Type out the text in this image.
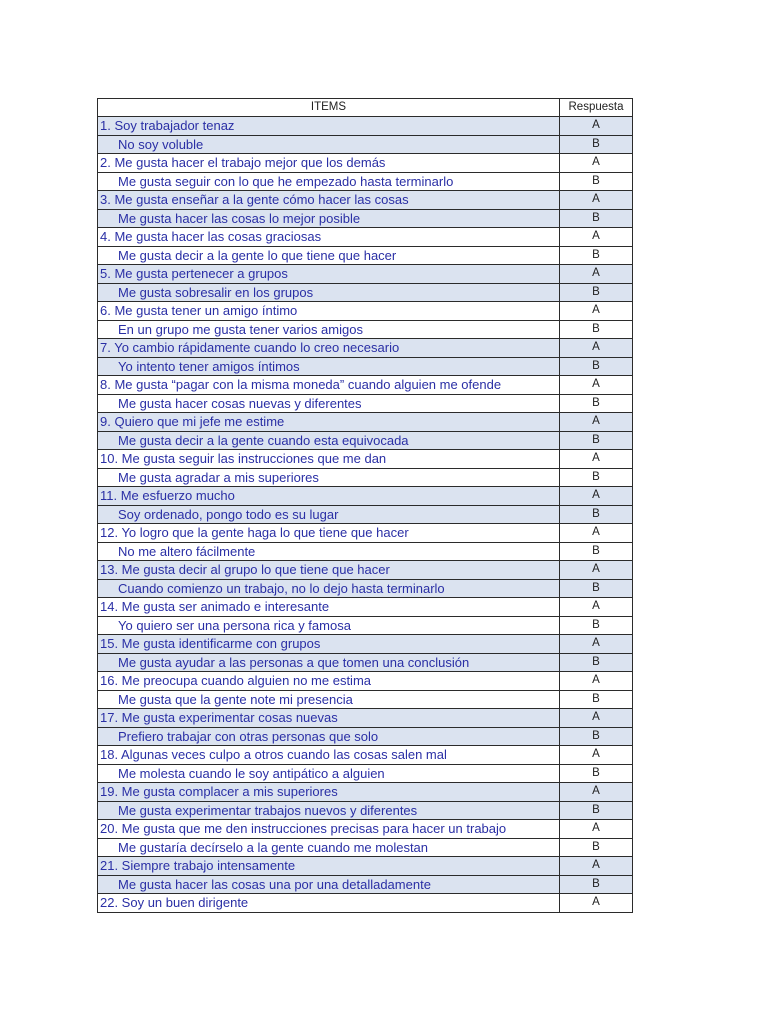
ITEMS	Respuesta
1. Soy trabajador tenaz	A
No soy voluble	B
2. Me gusta hacer el trabajo mejor que los demás	A
Me gusta seguir con lo que he empezado hasta terminarlo	B
3. Me gusta enseñar a la gente cómo hacer las cosas	A
Me gusta hacer las cosas lo mejor posible	B
4. Me gusta hacer las cosas graciosas	A
Me gusta decir a la gente lo que tiene que hacer	B
5. Me gusta pertenecer a grupos	A
Me gusta sobresalir en los grupos	B
6. Me gusta tener un amigo íntimo	A
En un grupo me gusta tener varios amigos	B
7. Yo cambio rápidamente cuando lo creo necesario	A
Yo intento tener amigos íntimos	B
8. Me gusta “pagar con la misma moneda” cuando alguien me ofende	A
Me gusta hacer cosas nuevas y diferentes	B
9. Quiero que mi jefe me estime	A
Me gusta decir a la gente cuando esta equivocada	B
10. Me gusta seguir las instrucciones que me dan	A
Me gusta agradar a mis superiores	B
11. Me esfuerzo mucho	A
Soy ordenado, pongo todo es su lugar	B
12. Yo logro que la gente haga lo que tiene que hacer	A
No me altero fácilmente	B
13. Me gusta decir al grupo lo que tiene que hacer	A
Cuando comienzo un trabajo, no lo dejo hasta terminarlo	B
14. Me gusta ser animado e interesante	A
Yo quiero ser una persona rica y famosa	B
15. Me gusta identificarme con grupos	A
Me gusta ayudar a las personas a que tomen una conclusión	B
16. Me preocupa cuando alguien no me estima	A
Me gusta que la gente note mi presencia	B
17. Me gusta experimentar cosas nuevas	A
Prefiero trabajar con otras personas que solo	B
18. Algunas veces culpo a otros cuando las cosas salen mal	A
Me molesta cuando le soy antipático a alguien	B
19. Me gusta complacer a mis superiores	A
Me gusta experimentar trabajos nuevos y diferentes	B
20. Me gusta que me den instrucciones precisas para hacer un trabajo	A
Me gustaría decírselo a la gente cuando me molestan	B
21. Siempre trabajo intensamente	A
Me gusta hacer las cosas una por una detalladamente	B
22. Soy un buen dirigente	A
